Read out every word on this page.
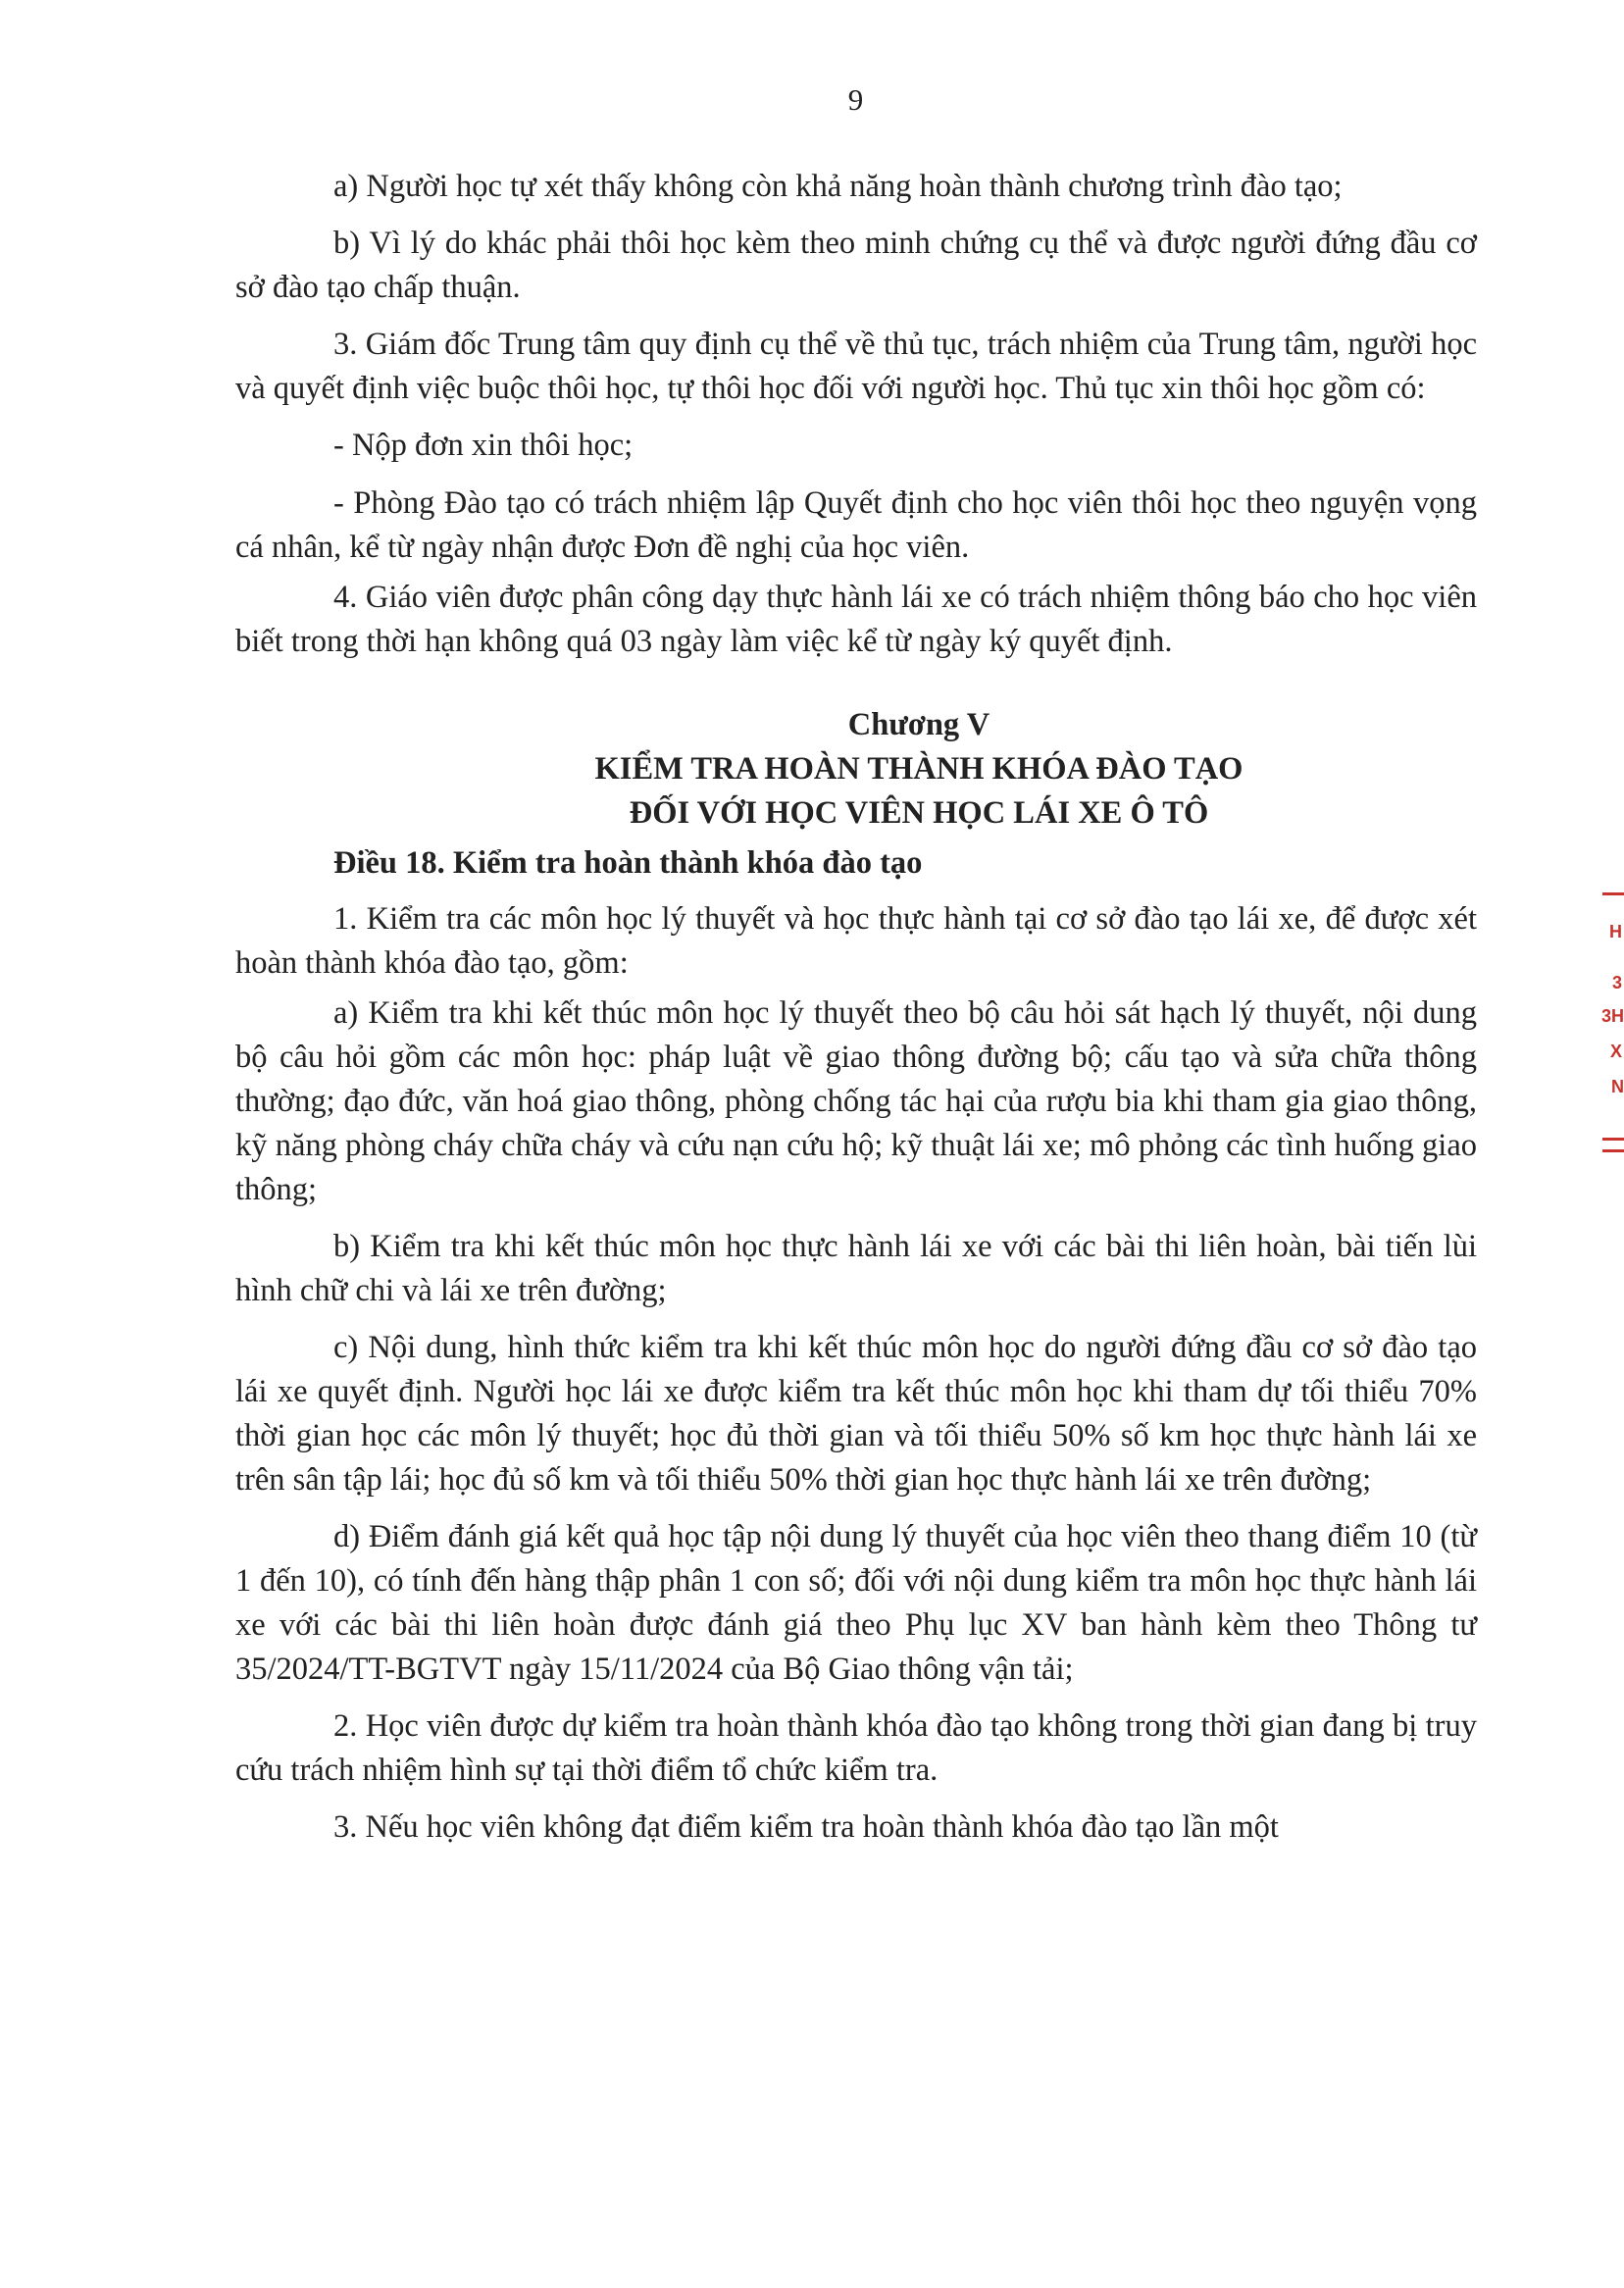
9

a) Người học tự xét thấy không còn khả năng hoàn thành chương trình đào tạo;

b) Vì lý do khác phải thôi học kèm theo minh chứng cụ thể và được người đứng đầu cơ sở đào tạo chấp thuận.

3. Giám đốc Trung tâm quy định cụ thể về thủ tục, trách nhiệm của Trung tâm, người học và quyết định việc buộc thôi học, tự thôi học đối với người học. Thủ tục xin thôi học gồm có:

- Nộp đơn xin thôi học;

- Phòng Đào tạo có trách nhiệm lập Quyết định cho học viên thôi học theo nguyện vọng cá nhân, kể từ ngày nhận được Đơn đề nghị của học viên.

4. Giáo viên được phân công dạy thực hành lái xe có trách nhiệm thông báo cho học viên biết trong thời hạn không quá 03 ngày làm việc kể từ ngày ký quyết định.

Chương V

KIỂM TRA HOÀN THÀNH KHÓA ĐÀO TẠO

ĐỐI VỚI HỌC VIÊN HỌC LÁI XE Ô TÔ

Điều 18. Kiểm tra hoàn thành khóa đào tạo

1. Kiểm tra các môn học lý thuyết và học thực hành tại cơ sở đào tạo lái xe, để được xét hoàn thành khóa đào tạo, gồm:

a) Kiểm tra khi kết thúc môn học lý thuyết theo bộ câu hỏi sát hạch lý thuyết, nội dung bộ câu hỏi gồm các môn học: pháp luật về giao thông đường bộ; cấu tạo và sửa chữa thông thường; đạo đức, văn hoá giao thông, phòng chống tác hại của rượu bia khi tham gia giao thông, kỹ năng phòng cháy chữa cháy và cứu nạn cứu hộ; kỹ thuật lái xe; mô phỏng các tình huống giao thông;

b) Kiểm tra khi kết thúc môn học thực hành lái xe với các bài thi liên hoàn, bài tiến lùi hình chữ chi và lái xe trên đường;

c) Nội dung, hình thức kiểm tra khi kết thúc môn học do người đứng đầu cơ sở đào tạo lái xe quyết định. Người học lái xe được kiểm tra kết thúc môn học khi tham dự tối thiểu 70% thời gian học các môn lý thuyết; học đủ thời gian và tối thiểu 50% số km học thực hành lái xe trên sân tập lái; học đủ số km và tối thiểu 50% thời gian học thực hành lái xe trên đường;

d) Điểm đánh giá kết quả học tập nội dung lý thuyết của học viên theo thang điểm 10 (từ 1 đến 10), có tính đến hàng thập phân 1 con số; đối với nội dung kiểm tra môn học thực hành lái xe với các bài thi liên hoàn được đánh giá theo Phụ lục XV ban hành kèm theo Thông tư 35/2024/TT-BGTVT ngày 15/11/2024 của Bộ Giao thông vận tải;

2. Học viên được dự kiểm tra hoàn thành khóa đào tạo không trong thời gian đang bị truy cứu trách nhiệm hình sự tại thời điểm tổ chức kiểm tra.

3. Nếu học viên không đạt điểm kiểm tra hoàn thành khóa đào tạo lần một

H
3
3H
X
N
